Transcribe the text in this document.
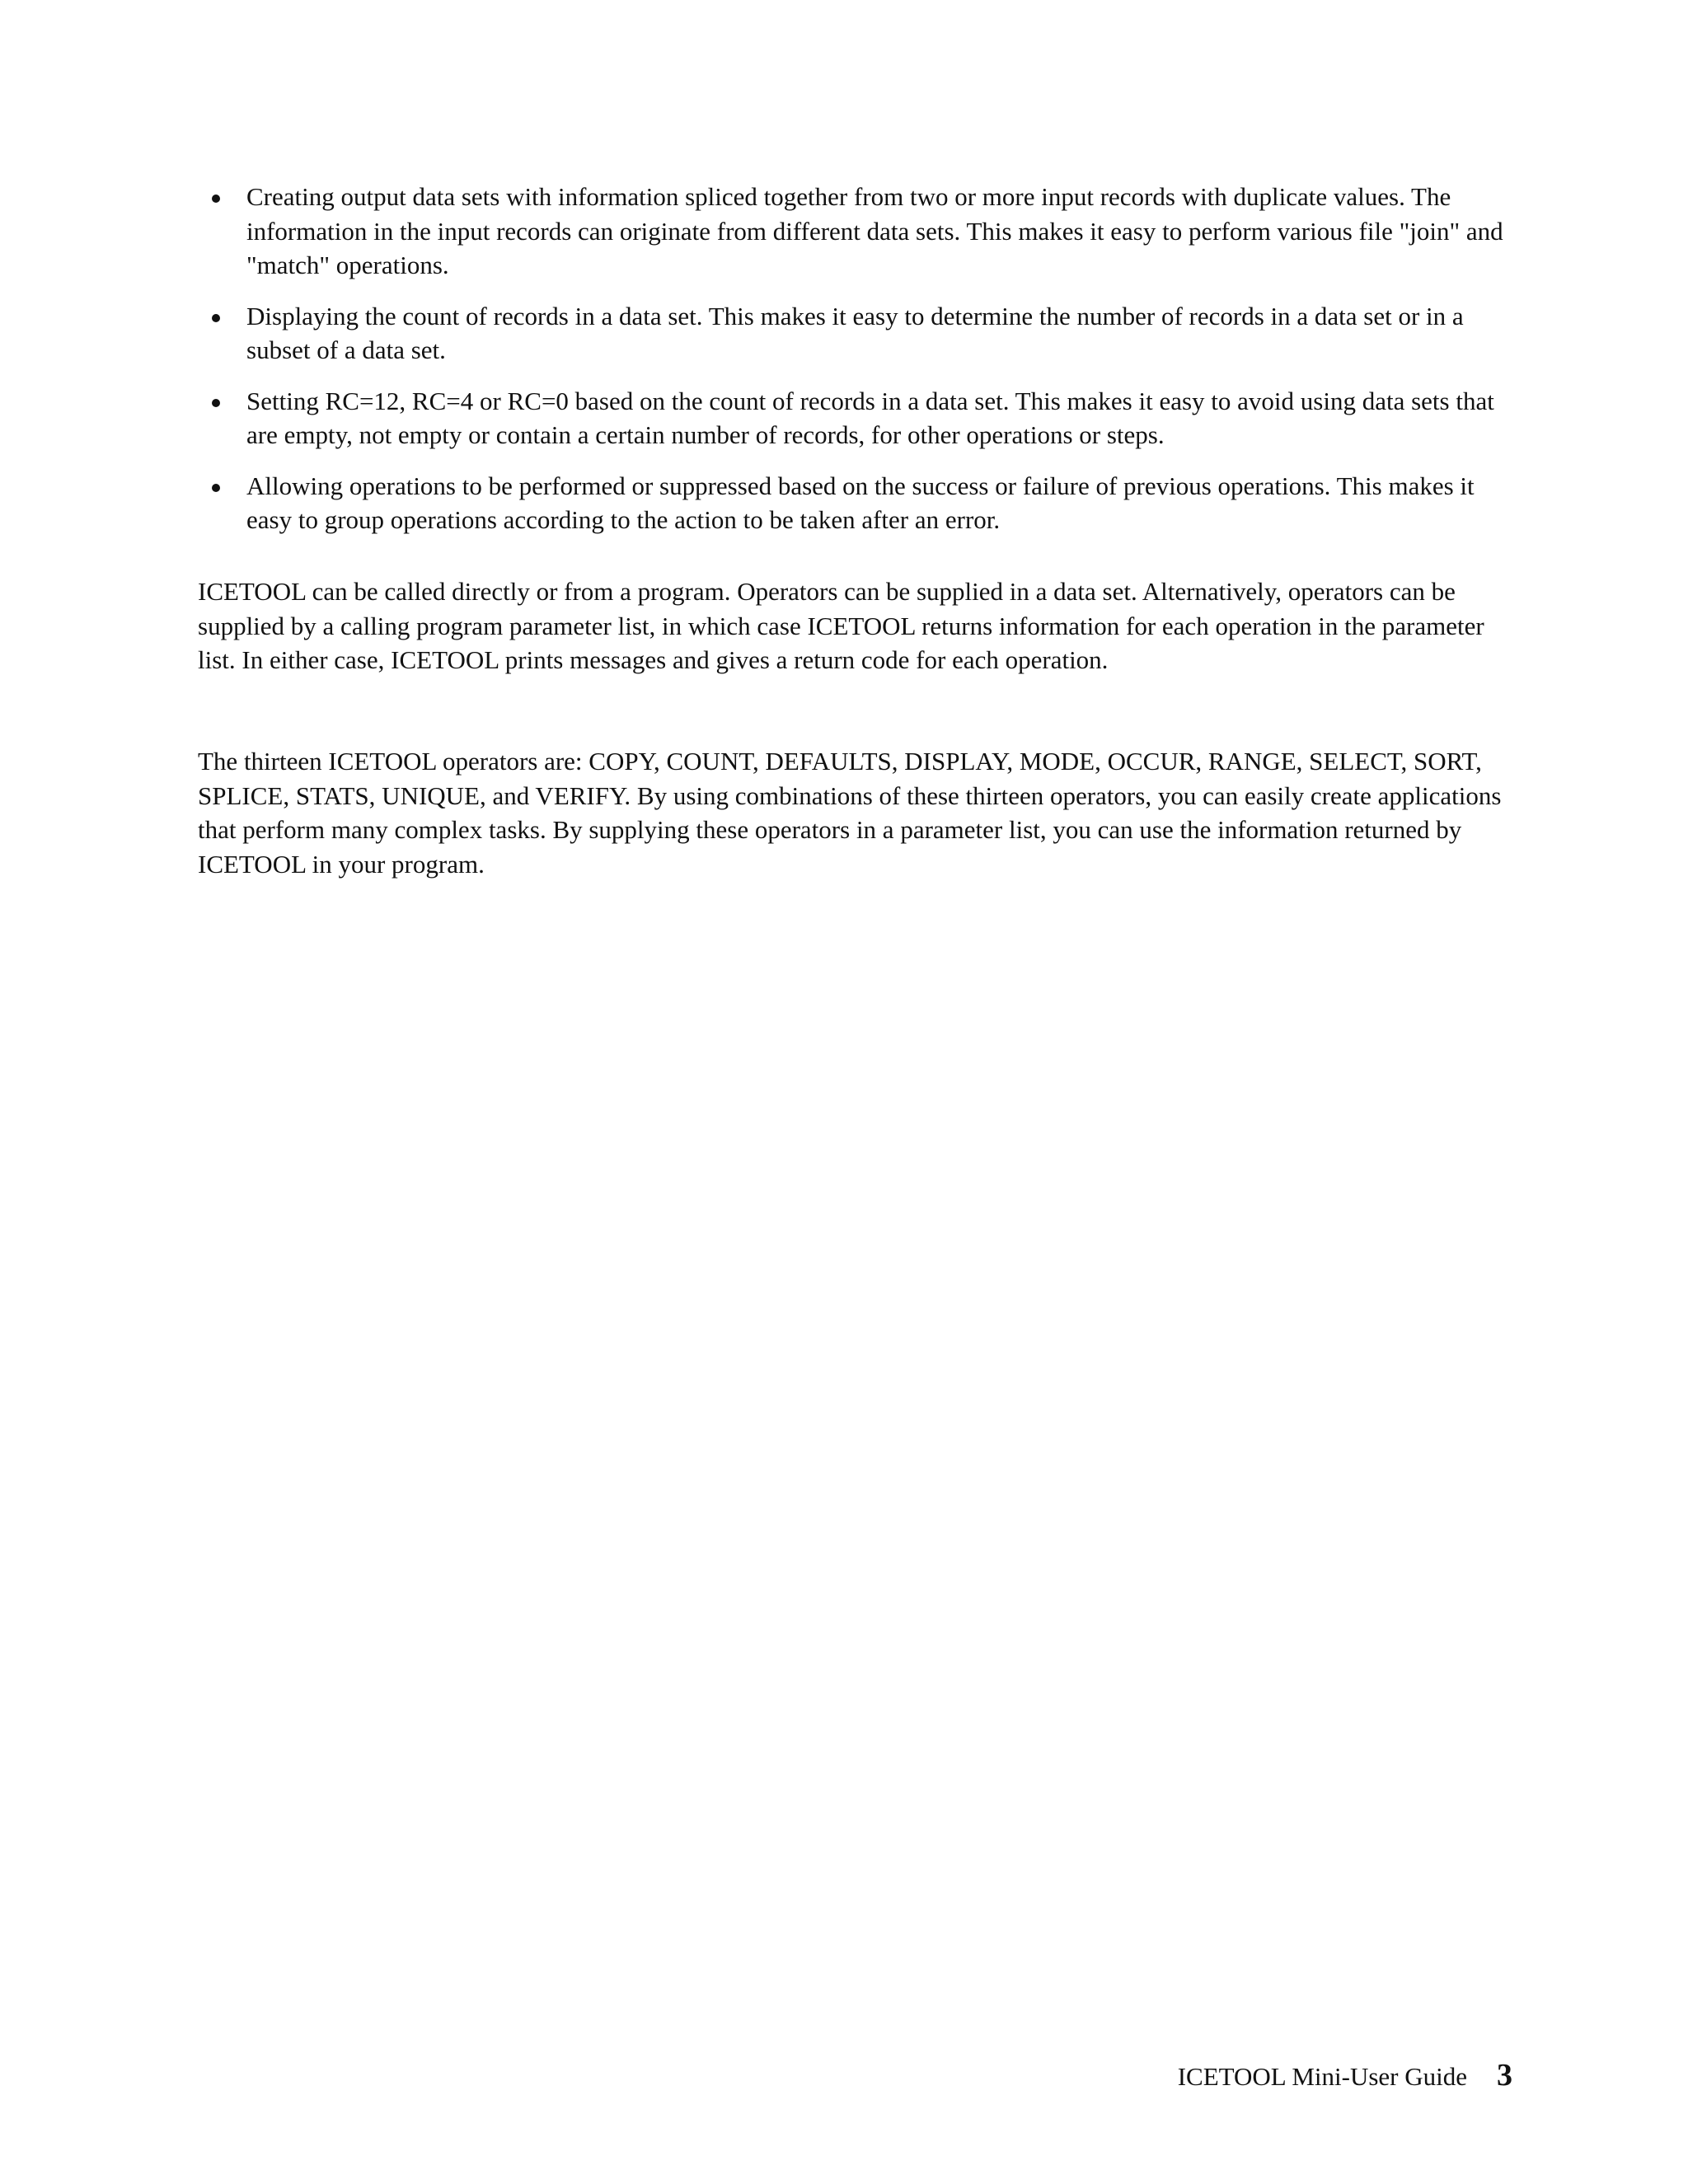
Creating output data sets with information spliced together from two or more input records with duplicate values. The information in the input records can originate from different data sets. This makes it easy to perform various file "join" and "match" operations.
Displaying the count of records in a data set. This makes it easy to determine the number of records in a data set or in a subset of a data set.
Setting RC=12, RC=4 or RC=0 based on the count of records in a data set. This makes it easy to avoid using data sets that are empty, not empty or contain a certain number of records, for other operations or steps.
Allowing operations to be performed or suppressed based on the success or failure of previous operations. This makes it easy to group operations according to the action to be taken after an error.

ICETOOL can be called directly or from a program. Operators can be supplied in a data set. Alternatively, operators can be supplied by a calling program parameter list, in which case ICETOOL returns information for each operation in the parameter list. In either case, ICETOOL prints messages and gives a return code for each operation.

The thirteen ICETOOL operators are: COPY, COUNT, DEFAULTS, DISPLAY, MODE, OCCUR, RANGE, SELECT, SORT, SPLICE, STATS, UNIQUE, and VERIFY. By using combinations of these thirteen operators, you can easily create applications that perform many complex tasks. By supplying these operators in a parameter list, you can use the information returned by ICETOOL in your program.

ICETOOL Mini-User Guide 3
